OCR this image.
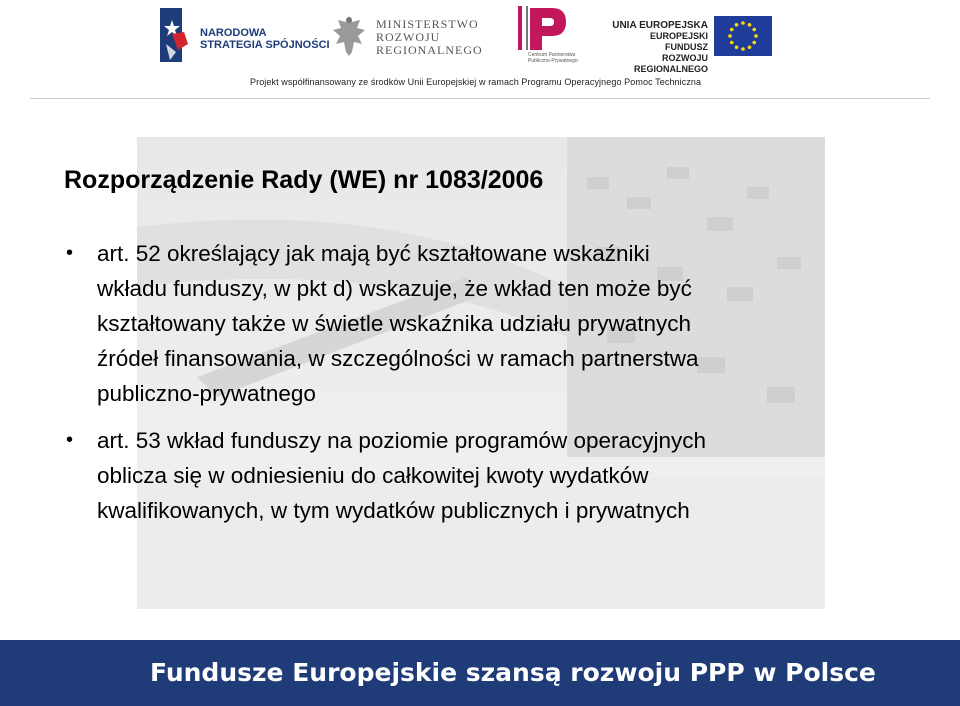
NARODOWA
STRATEGIA SPÓJNOŚCI
MINISTERSTWO
ROZWOJU
REGIONALNEGO	Centrum Partnerstwa
Publiczno-Prywatnego
UNIA EUROPEJSKA
EUROPEJSKI FUNDUSZ
ROZWOJU REGIONALNEGO
Projekt współfinansowany ze środków Unii Europejskiej w ramach Programu Operacyjnego Pomoc Techniczna
Rozporządzenie Rady (WE) nr 1083/2006
• art. 52 określający jak mają być kształtowane wskaźniki
wkładu funduszy, w pkt d) wskazuje, że wkład ten może być
kształtowany także w świetle wskaźnika udziału prywatnych
źródeł finansowania, w szczególności w ramach partnerstwa
publiczno-prywatnego
• art. 53 wkład funduszy na poziomie programów operacyjnych
oblicza się w odniesieniu do całkowitej kwoty wydatków
kwalifikowanych, w tym wydatków publicznych i prywatnych
Fundusze Europejskie szansą rozwoju PPP w Polsce
